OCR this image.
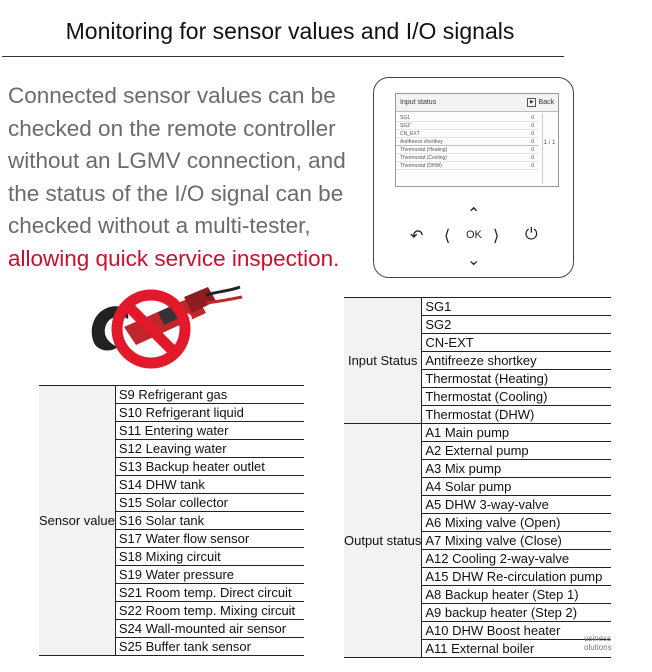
Monitoring for sensor values and I/O signals
Connected sensor values can be checked on the remote controller without an LGMV connection, and the status of the I/O signal can be checked without a multi-tester, allowing quick service inspection.
Input status	▶ Back
SG1	0
SG2	0
CN_EXT	0
Antifreeze shortkey	0
Thermostat (Heating)	0
Thermostat (Cooling)	0
Thermostat (DHW)	0
1 / 1
⌃
↶ ⟨ OK ⟩ ⏻
⌄
Sensor value	S9 Refrigerant gas
S10 Refrigerant liquid
S11 Entering water
S12 Leaving water
S13 Backup heater outlet
S14 DHW tank
S15 Solar collector
S16 Solar tank
S17 Water flow sensor
S18 Mixing circuit
S19 Water pressure
S21 Room temp. Direct circuit
S22 Room temp. Mixing circuit
S24 Wall-mounted air sensor
S25 Buffer tank sensor
Input Status	SG1
	SG2
	CN-EXT
	Antifreeze shortkey
	Thermostat (Heating)
	Thermostat (Cooling)
	Thermostat (DHW)
Output status	A1 Main pump
	A2 External pump
	A3 Mix pump
	A4 Solar pump
	A5 DHW 3-way-valve
	A6 Mixing valve (Open)
	A7 Mixing valve (Close)
	A12 Cooling 2-way-valve
	A15 DHW Re-circulation pump
	A8 Backup heater (Step 1)
	A9 backup heater (Step 2)
	A10 DHW Boost heater
	A11 External boiler
usiness
olutions
